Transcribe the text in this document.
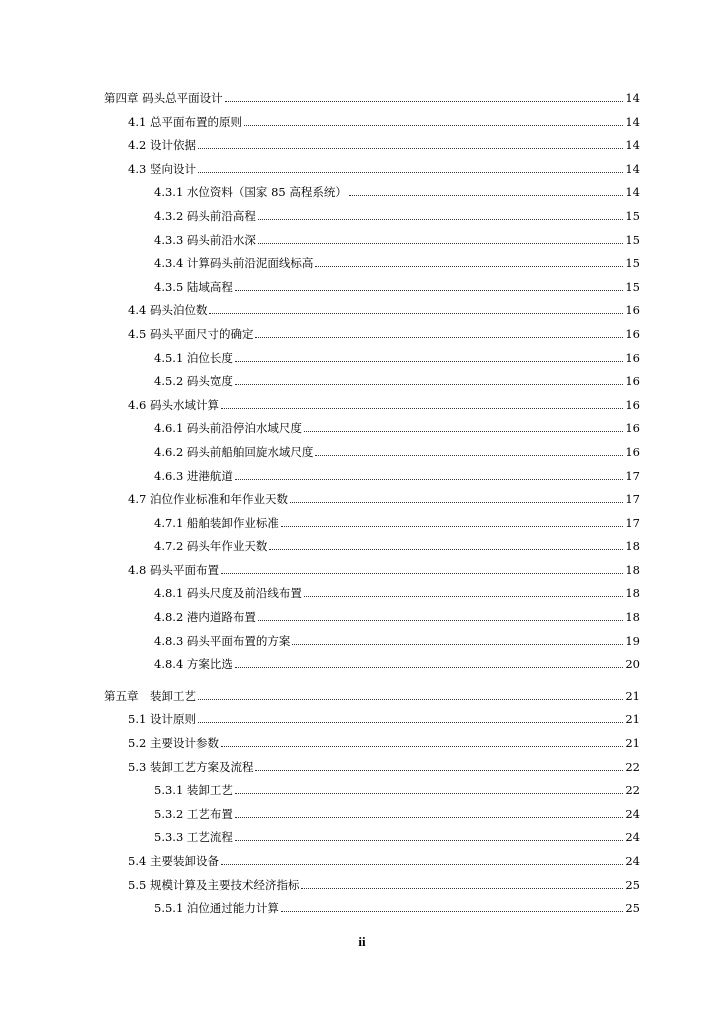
第四章 码头总平面设计	14
4.1 总平面布置的原则	14
4.2 设计依据	14
4.3 竖向设计	14
4.3.1 水位资料（国家 85 高程系统）	14
4.3.2 码头前沿高程	15
4.3.3 码头前沿水深	15
4.3.4 计算码头前沿泥面线标高	15
4.3.5 陆域高程	15
4.4 码头泊位数	16
4.5 码头平面尺寸的确定	16
4.5.1 泊位长度	16
4.5.2 码头宽度	16
4.6 码头水域计算	16
4.6.1 码头前沿停泊水域尺度	16
4.6.2 码头前船舶回旋水域尺度	16
4.6.3 进港航道	17
4.7 泊位作业标准和年作业天数	17
4.7.1 船舶装卸作业标准	17
4.7.2 码头年作业天数	18
4.8 码头平面布置	18
4.8.1 码头尺度及前沿线布置	18
4.8.2 港内道路布置	18
4.8.3 码头平面布置的方案	19
4.8.4 方案比选	20
第五章　装卸工艺	21
5.1 设计原则	21
5.2 主要设计参数	21
5.3 装卸工艺方案及流程	22
5.3.1 装卸工艺	22
5.3.2 工艺布置	24
5.3.3 工艺流程	24
5.4 主要装卸设备	24
5.5 规模计算及主要技术经济指标	25
5.5.1 泊位通过能力计算	25
ii
